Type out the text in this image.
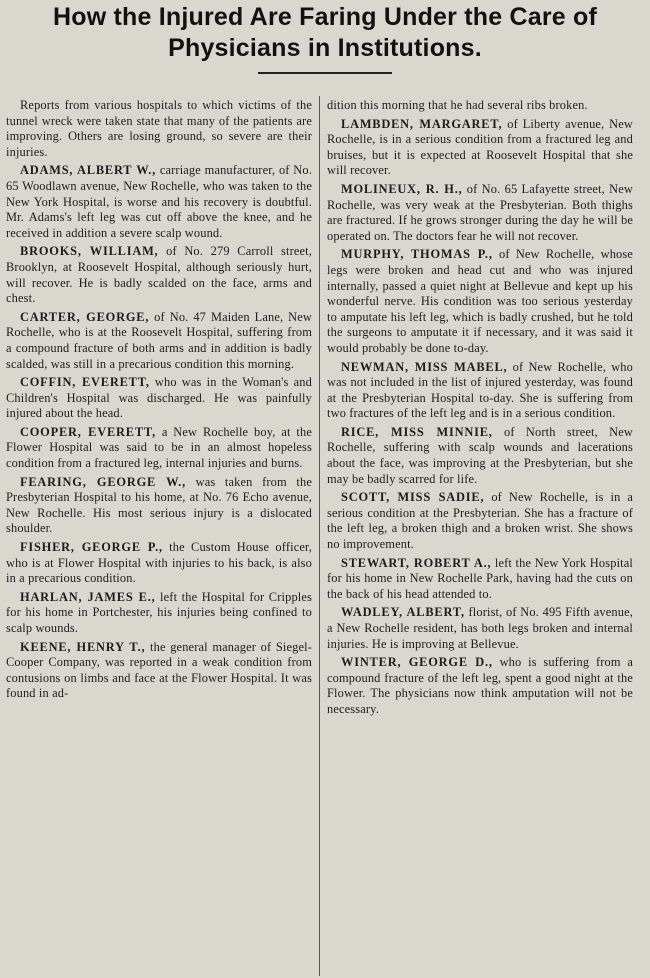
How the Injured Are Faring Under the Care of Physicians in Institutions.

Reports from various hospitals to which victims of the tunnel wreck were taken state that many of the patients are improving. Others are losing ground, so severe are their injuries.

ADAMS, ALBERT W., carriage manufacturer, of No. 65 Woodlawn avenue, New Rochelle, who was taken to the New York Hospital, is worse and his recovery is doubtful. Mr. Adams's left leg was cut off above the knee, and he received in addition a severe scalp wound.

BROOKS, WILLIAM, of No. 279 Carroll street, Brooklyn, at Roosevelt Hospital, although seriously hurt, will recover. He is badly scalded on the face, arms and chest.

CARTER, GEORGE, of No. 47 Maiden Lane, New Rochelle, who is at the Roosevelt Hospital, suffering from a compound fracture of both arms and in addition is badly scalded, was still in a precarious condition this morning.

COFFIN, EVERETT, who was in the Woman's and Children's Hospital was discharged. He was painfully injured about the head.

COOPER, EVERETT, a New Rochelle boy, at the Flower Hospital was said to be in an almost hopeless condition from a fractured leg, internal injuries and burns.

FEARING, GEORGE W., was taken from the Presbyterian Hospital to his home, at No. 76 Echo avenue, New Rochelle. His most serious injury is a dislocated shoulder.

FISHER, GEORGE P., the Custom House officer, who is at Flower Hospital with injuries to his back, is also in a precarious condition.

HARLAN, JAMES E., left the Hospital for Cripples for his home in Portchester, his injuries being confined to scalp wounds.

KEENE, HENRY T., the general manager of Siegel-Cooper Company, was reported in a weak condition from contusions on limbs and face at the Flower Hospital. It was found in ad-

dition this morning that he had several ribs broken.

LAMBDEN, MARGARET, of Liberty avenue, New Rochelle, is in a serious condition from a fractured leg and bruises, but it is expected at Roosevelt Hospital that she will recover.

MOLINEUX, R. H., of No. 65 Lafayette street, New Rochelle, was very weak at the Presbyterian. Both thighs are fractured. If he grows stronger during the day he will be operated on. The doctors fear he will not recover.

MURPHY, THOMAS P., of New Rochelle, whose legs were broken and head cut and who was injured internally, passed a quiet night at Bellevue and kept up his wonderful nerve. His condition was too serious yesterday to amputate his left leg, which is badly crushed, but he told the surgeons to amputate it if necessary, and it was said it would probably be done to-day.

NEWMAN, MISS MABEL, of New Rochelle, who was not included in the list of injured yesterday, was found at the Presbyterian Hospital to-day. She is suffering from two fractures of the left leg and is in a serious condition.

RICE, MISS MINNIE, of North street, New Rochelle, suffering with scalp wounds and lacerations about the face, was improving at the Presbyterian, but she may be badly scarred for life.

SCOTT, MISS SADIE, of New Rochelle, is in a serious condition at the Presbyterian. She has a fracture of the left leg, a broken thigh and a broken wrist. She shows no improvement.

STEWART, ROBERT A., left the New York Hospital for his home in New Rochelle Park, having had the cuts on the back of his head attended to.

WADLEY, ALBERT, florist, of No. 495 Fifth avenue, a New Rochelle resident, has both legs broken and internal injuries. He is improving at Bellevue.

WINTER, GEORGE D., who is suffering from a compound fracture of the left leg, spent a good night at the Flower. The physicians now think amputation will not be necessary.
